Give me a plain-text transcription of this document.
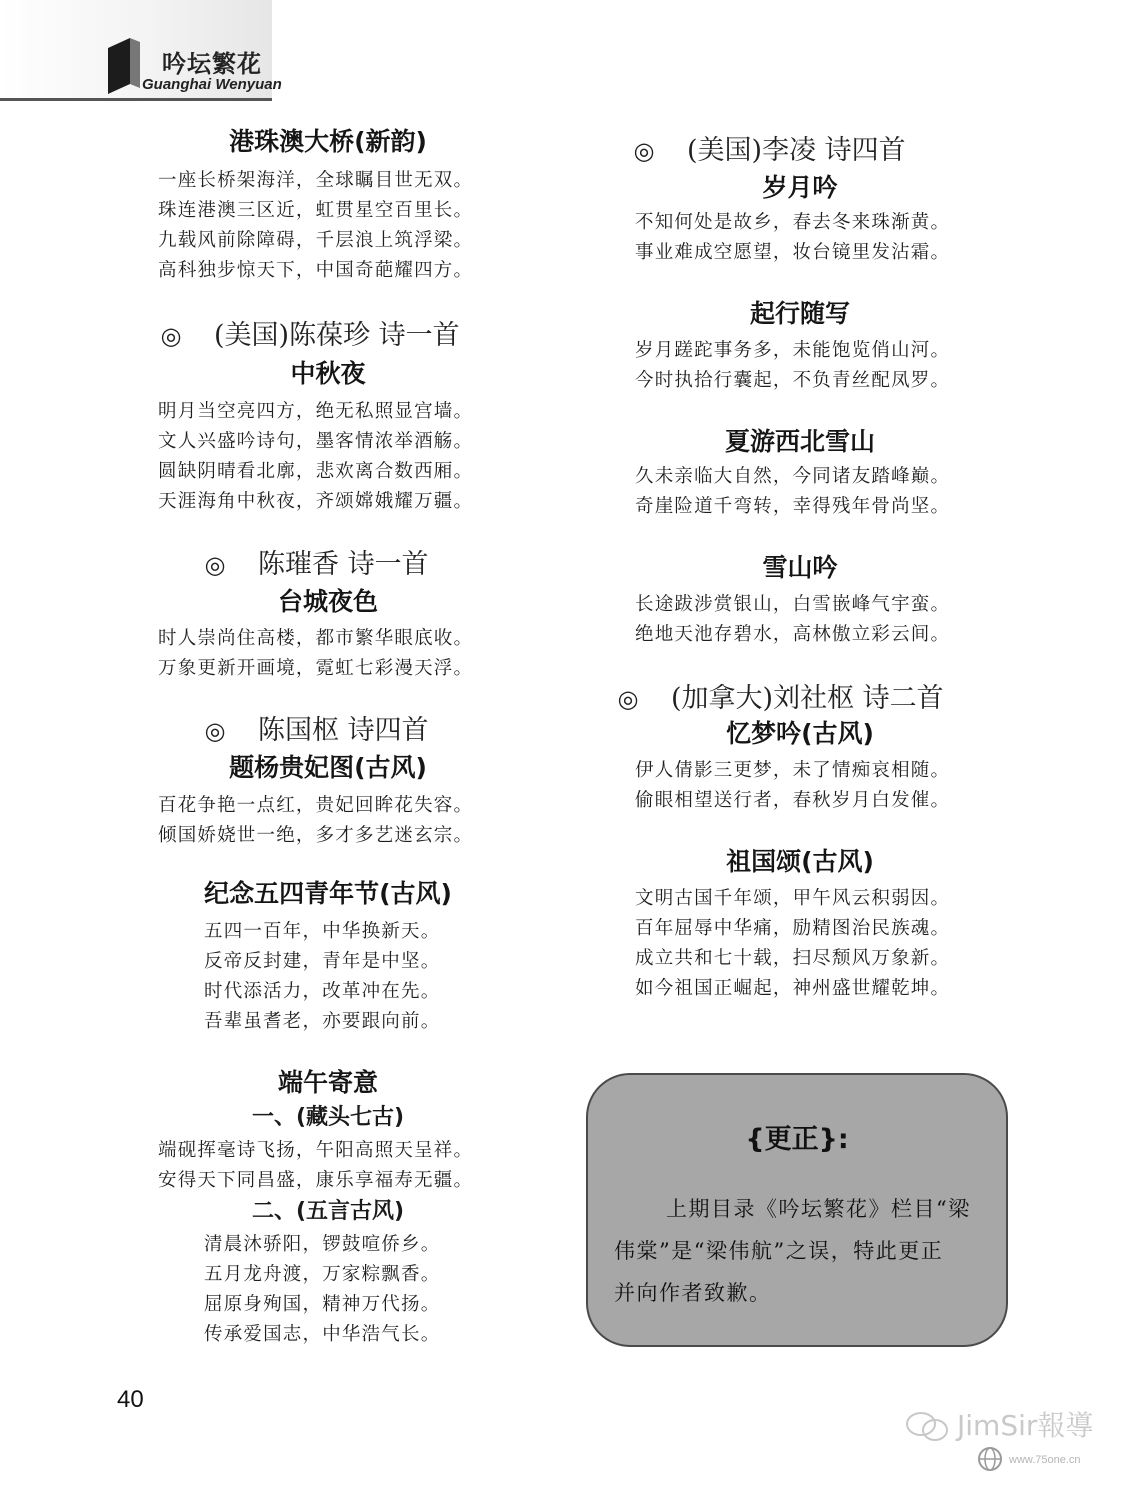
吟坛繁花
Guanghai Wenyuan
港珠澳大桥(新韵)
一座长桥架海洋，全球瞩目世无双。
珠连港澳三区近，虹贯星空百里长。
九载风前除障碍，千层浪上筑浮梁。
高科独步惊天下，中国奇葩耀四方。
◎ (美国)陈葆珍 诗一首
中秋夜
明月当空亮四方，绝无私照显宫墙。
文人兴盛吟诗句，墨客情浓举酒觞。
圆缺阴晴看北廓，悲欢离合数西厢。
天涯海角中秋夜，齐颂嫦娥耀万疆。
◎ 陈璀香 诗一首
台城夜色
时人崇尚住高楼，都市繁华眼底收。
万象更新开画境，霓虹七彩漫天浮。
◎ 陈国枢 诗四首
题杨贵妃图(古风)
百花争艳一点红，贵妃回眸花失容。
倾国娇娆世一绝，多才多艺迷玄宗。
纪念五四青年节(古风)
五四一百年，中华换新天。
反帝反封建，青年是中坚。
时代添活力，改革冲在先。
吾辈虽耆老，亦要跟向前。
端午寄意
一、(藏头七古)
端砚挥毫诗飞扬，午阳高照天呈祥。
安得天下同昌盛，康乐享福寿无疆。
二、(五言古风)
清晨沐骄阳，锣鼓喧侨乡。
五月龙舟渡，万家粽飘香。
屈原身殉国，精神万代扬。
传承爱国志，中华浩气长。
◎ (美国)李凌 诗四首
岁月吟
不知何处是故乡，春去冬来珠渐黄。
事业难成空愿望，妆台镜里发沾霜。
起行随写
岁月蹉跎事务多，未能饱览俏山河。
今时执拾行囊起，不负青丝配凤罗。
夏游西北雪山
久未亲临大自然，今同诸友踏峰巅。
奇崖险道千弯转，幸得残年骨尚坚。
雪山吟
长途跋涉赏银山，白雪嵌峰气宇蛮。
绝地天池存碧水，高林傲立彩云间。
◎ (加拿大)刘社枢 诗二首
忆梦吟(古风)
伊人倩影三更梦，未了情痴哀相随。
偷眼相望送行者，春秋岁月白发催。
祖国颂(古风)
文明古国千年颂，甲午风云积弱因。
百年屈辱中华痛，励精图治民族魂。
成立共和七十载，扫尽颓风万象新。
如今祖国正崛起，神州盛世耀乾坤。
{更正}:
上期目录《吟坛繁花》栏目“梁
伟棠”是“梁伟航”之误，特此更正
并向作者致歉。
40
JimSir報導
www.75one.cn
